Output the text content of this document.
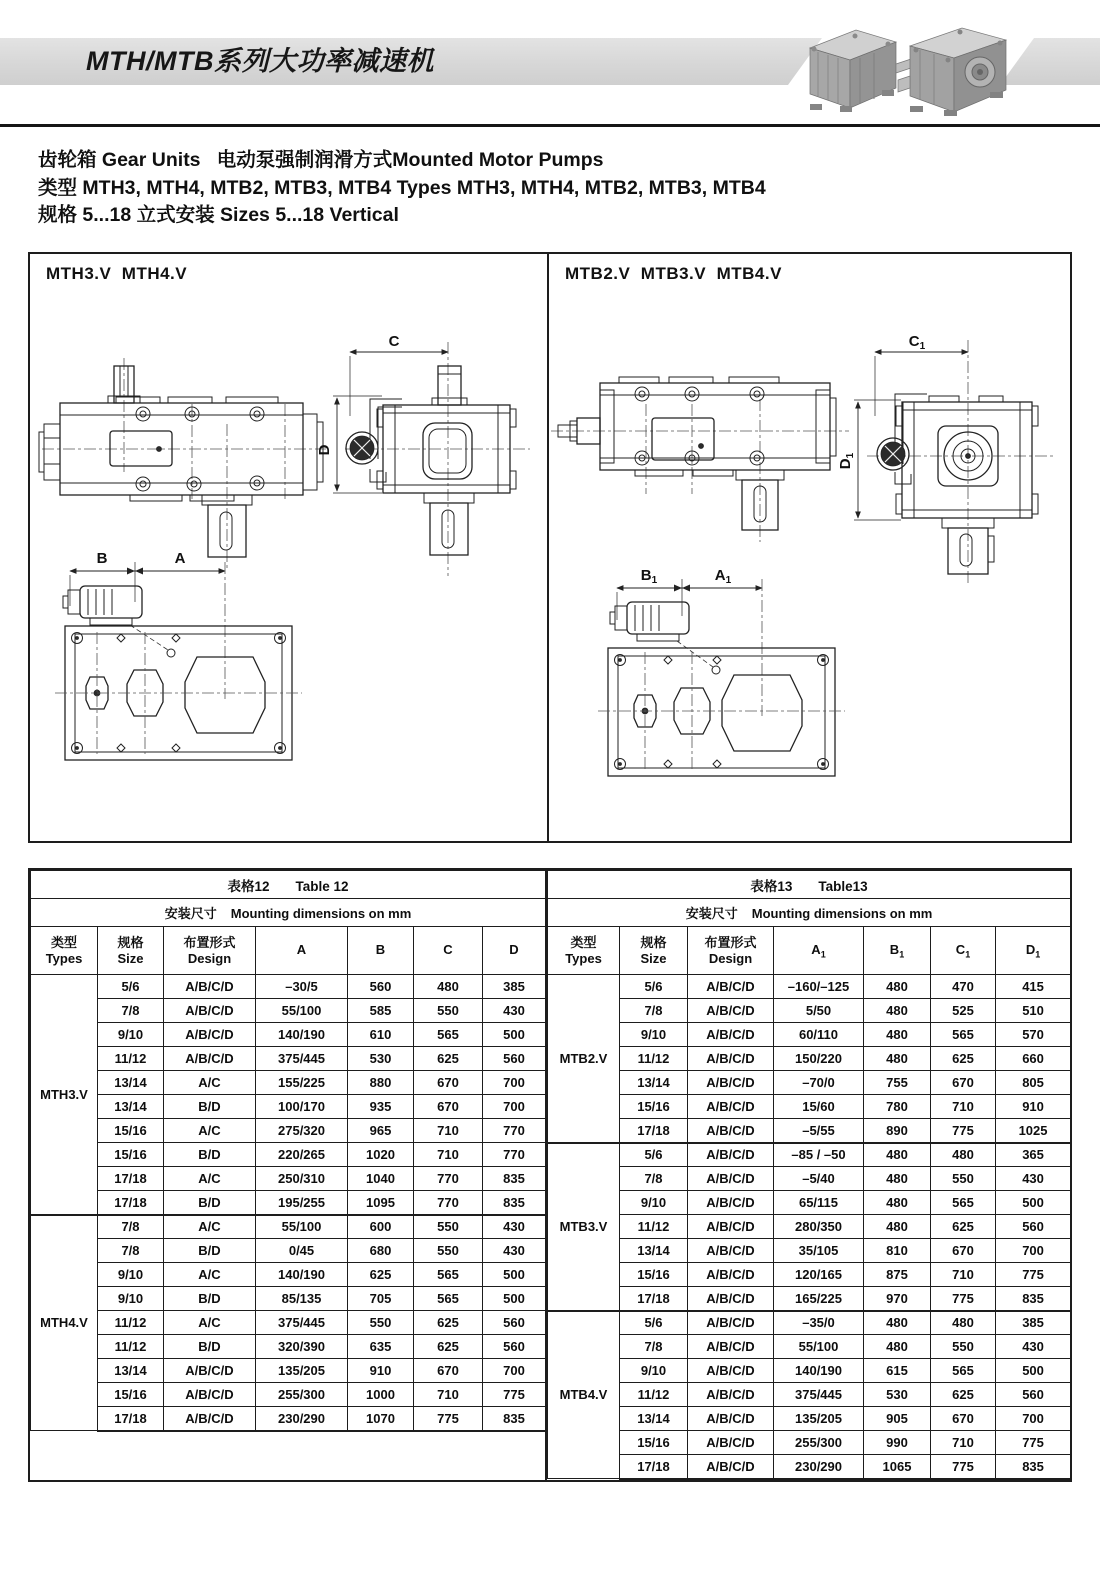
MTH/MTB系列大功率减速机
齿轮箱 Gear Units   电动泵强制润滑方式Mounted Motor Pumps
类型 MTH3, MTH4, MTB2, MTB3, MTB4 Types MTH3, MTH4, MTB2, MTB3, MTB4
规格 5...18 立式安装 Sizes 5...18 Vertical
MTH3.V  MTH4.V
C
D
B	A
MTB2.V  MTB3.V  MTB4.V
$C_1$
$D_1$
$B_1$	$A_1$
表格12 Table 12						
安装尺寸 Mounting dimensions on mm						

类型
Types

规格
Size

布置形式
Design
	A	B	C	D
MTH3.V	5/6	A/B/C/D	–30/5	560	480	385
	7/8	A/B/C/D	55/100	585	550	430
	9/10	A/B/C/D	140/190	610	565	500
	11/12	A/B/C/D	375/445	530	625	560
	13/14	A/C	155/225	880	670	700
	13/14	B/D	100/170	935	670	700
	15/16	A/C	275/320	965	710	770
	15/16	B/D	220/265	1020	710	770
	17/18	A/C	250/310	1040	770	835
	17/18	B/D	195/255	1095	770	835
MTH4.V	7/8	A/C	55/100	600	550	430
	7/8	B/D	0/45	680	550	430
	9/10	A/C	140/190	625	565	500
	9/10	B/D	85/135	705	565	500
	11/12	A/C	375/445	550	625	560
	11/12	B/D	320/390	635	625	560
	13/14	A/B/C/D	135/205	910	670	700
	15/16	A/B/C/D	255/300	1000	710	775
	17/18	A/B/C/D	230/290	1070	775	835
表格13 Table13						
安装尺寸 Mounting dimensions on mm						

类型
Types

规格
Size

布置形式
Design
	$A_1$	$B_1$	$C_1$	$D_1$
MTB2.V	5/6	A/B/C/D	–160/–125	480	470	415
	7/8	A/B/C/D	5/50	480	525	510
	9/10	A/B/C/D	60/110	480	565	570
	11/12	A/B/C/D	150/220	480	625	660
	13/14	A/B/C/D	–70/0	755	670	805
	15/16	A/B/C/D	15/60	780	710	910
	17/18	A/B/C/D	–5/55	890	775	1025
MTB3.V	5/6	A/B/C/D	–85 / –50	480	480	365
	7/8	A/B/C/D	–5/40	480	550	430
	9/10	A/B/C/D	65/115	480	565	500
	11/12	A/B/C/D	280/350	480	625	560
	13/14	A/B/C/D	35/105	810	670	700
	15/16	A/B/C/D	120/165	875	710	775
	17/18	A/B/C/D	165/225	970	775	835
MTB4.V	5/6	A/B/C/D	–35/0	480	480	385
	7/8	A/B/C/D	55/100	480	550	430
	9/10	A/B/C/D	140/190	615	565	500
	11/12	A/B/C/D	375/445	530	625	560
	13/14	A/B/C/D	135/205	905	670	700
	15/16	A/B/C/D	255/300	990	710	775
	17/18	A/B/C/D	230/290	1065	775	835
